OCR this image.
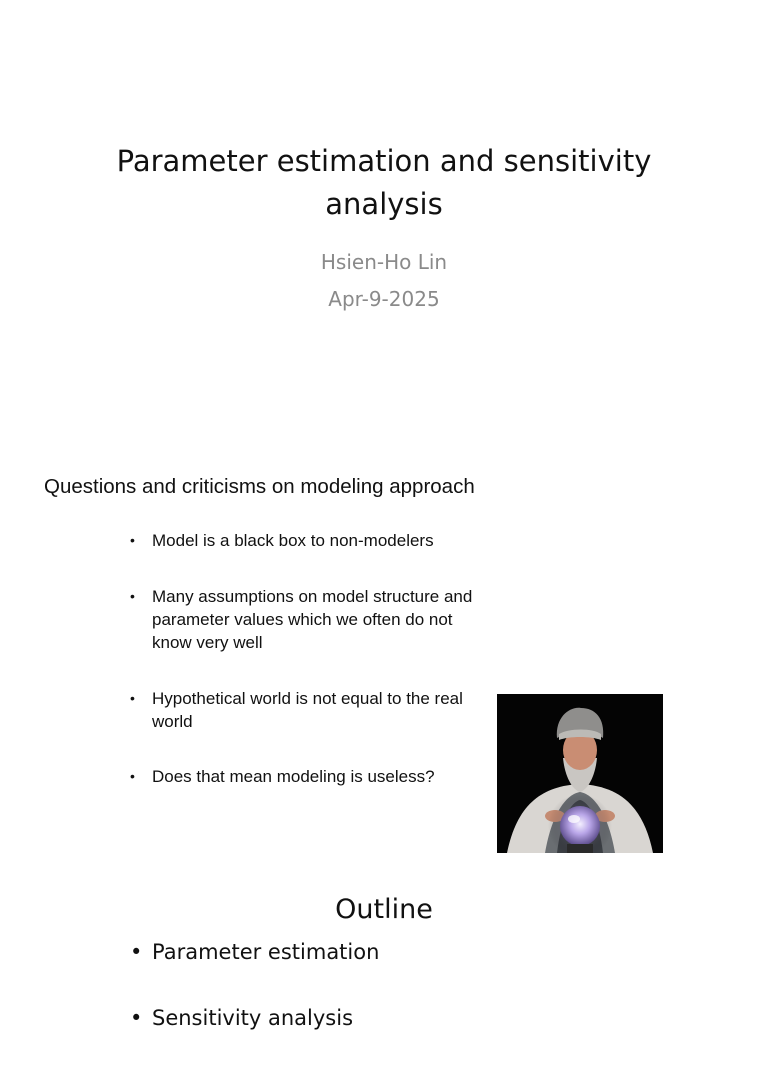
Parameter estimation and sensitivity analysis
Hsien-Ho Lin
Apr-9-2025
Questions and criticisms on modeling approach
• Model is a black box to non-modelers
• Many assumptions on model structure and parameter values which we often do not know very well
• Hypothetical world is not equal to the real world
• Does that mean modeling is useless?
Outline
• Parameter estimation
• Sensitivity analysis
